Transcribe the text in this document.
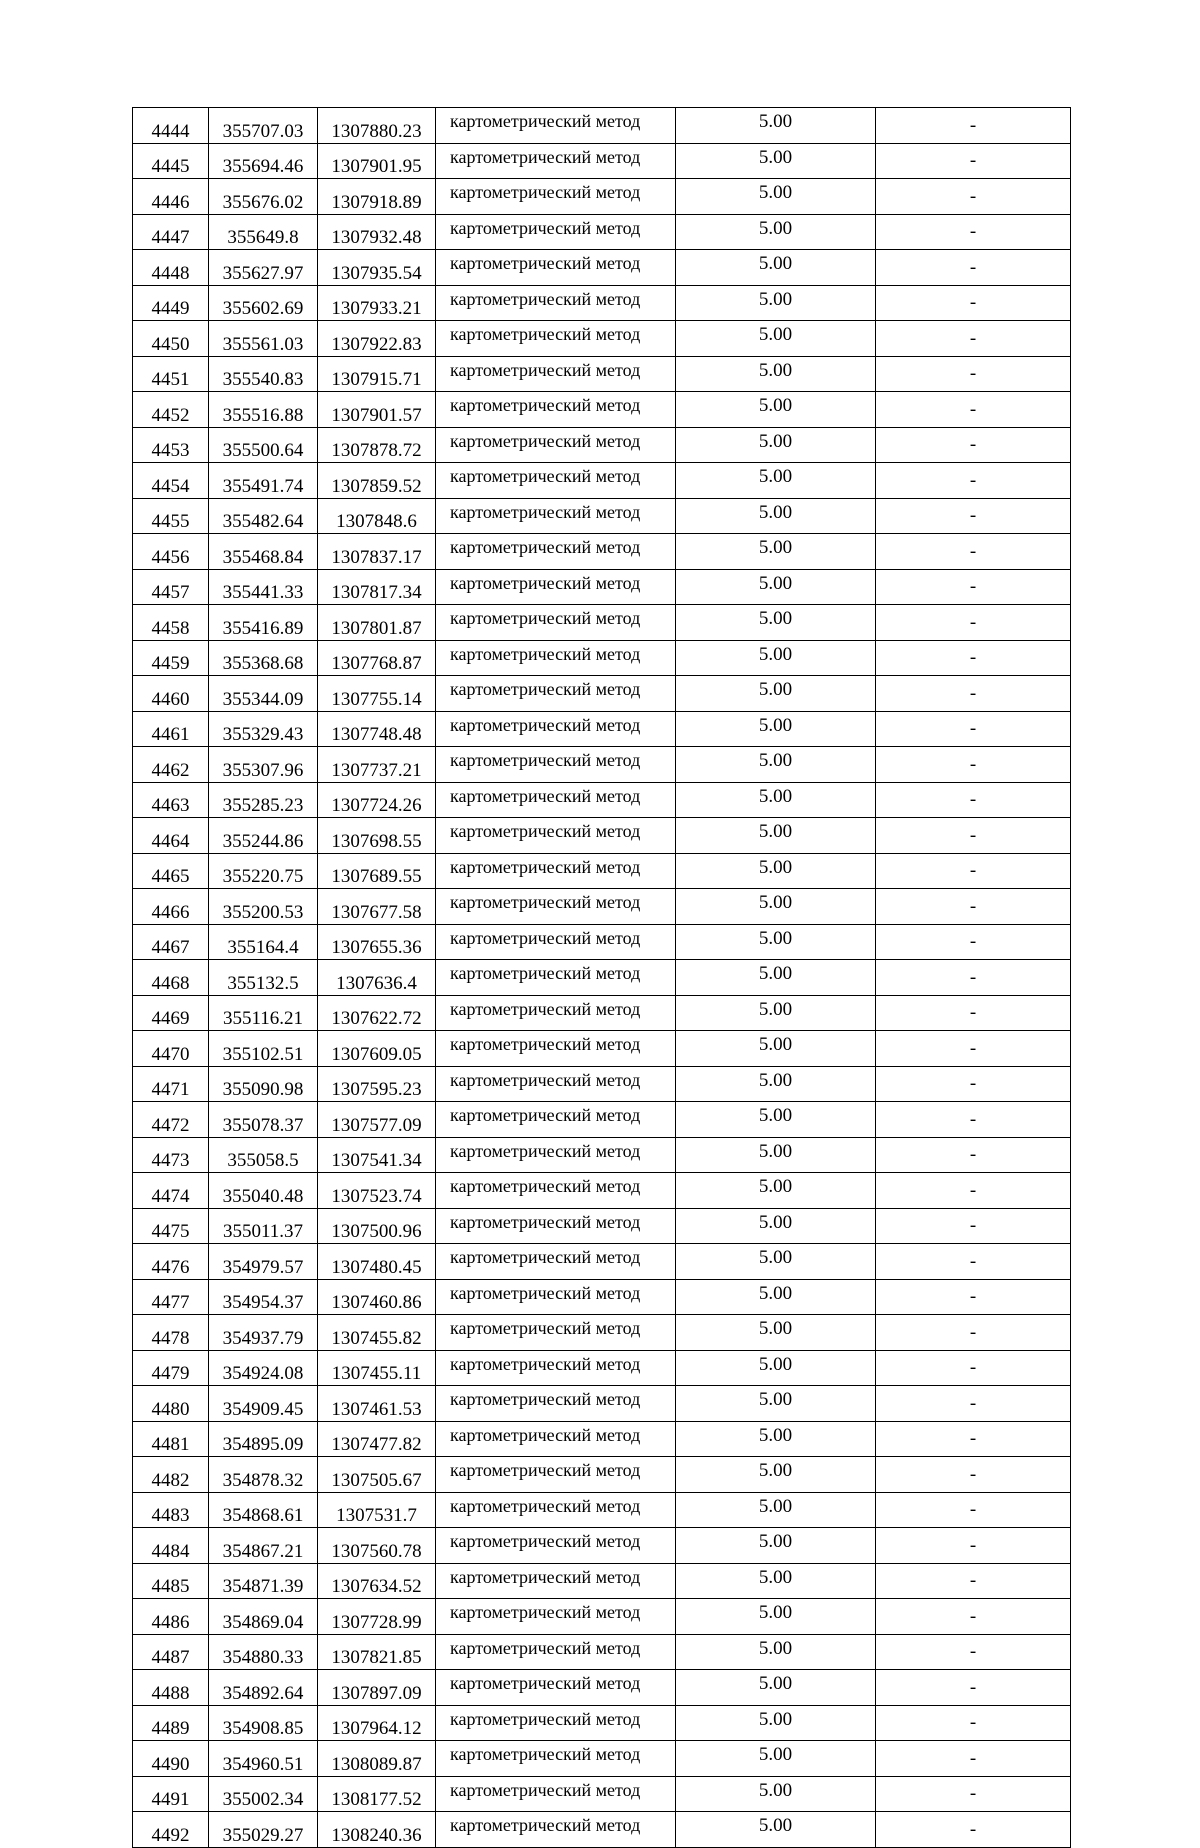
4444	355707.03	1307880.23	картометрический метод	5.00	-
4445	355694.46	1307901.95	картометрический метод	5.00	-
4446	355676.02	1307918.89	картометрический метод	5.00	-
4447	355649.8	1307932.48	картометрический метод	5.00	-
4448	355627.97	1307935.54	картометрический метод	5.00	-
4449	355602.69	1307933.21	картометрический метод	5.00	-
4450	355561.03	1307922.83	картометрический метод	5.00	-
4451	355540.83	1307915.71	картометрический метод	5.00	-
4452	355516.88	1307901.57	картометрический метод	5.00	-
4453	355500.64	1307878.72	картометрический метод	5.00	-
4454	355491.74	1307859.52	картометрический метод	5.00	-
4455	355482.64	1307848.6	картометрический метод	5.00	-
4456	355468.84	1307837.17	картометрический метод	5.00	-
4457	355441.33	1307817.34	картометрический метод	5.00	-
4458	355416.89	1307801.87	картометрический метод	5.00	-
4459	355368.68	1307768.87	картометрический метод	5.00	-
4460	355344.09	1307755.14	картометрический метод	5.00	-
4461	355329.43	1307748.48	картометрический метод	5.00	-
4462	355307.96	1307737.21	картометрический метод	5.00	-
4463	355285.23	1307724.26	картометрический метод	5.00	-
4464	355244.86	1307698.55	картометрический метод	5.00	-
4465	355220.75	1307689.55	картометрический метод	5.00	-
4466	355200.53	1307677.58	картометрический метод	5.00	-
4467	355164.4	1307655.36	картометрический метод	5.00	-
4468	355132.5	1307636.4	картометрический метод	5.00	-
4469	355116.21	1307622.72	картометрический метод	5.00	-
4470	355102.51	1307609.05	картометрический метод	5.00	-
4471	355090.98	1307595.23	картометрический метод	5.00	-
4472	355078.37	1307577.09	картометрический метод	5.00	-
4473	355058.5	1307541.34	картометрический метод	5.00	-
4474	355040.48	1307523.74	картометрический метод	5.00	-
4475	355011.37	1307500.96	картометрический метод	5.00	-
4476	354979.57	1307480.45	картометрический метод	5.00	-
4477	354954.37	1307460.86	картометрический метод	5.00	-
4478	354937.79	1307455.82	картометрический метод	5.00	-
4479	354924.08	1307455.11	картометрический метод	5.00	-
4480	354909.45	1307461.53	картометрический метод	5.00	-
4481	354895.09	1307477.82	картометрический метод	5.00	-
4482	354878.32	1307505.67	картометрический метод	5.00	-
4483	354868.61	1307531.7	картометрический метод	5.00	-
4484	354867.21	1307560.78	картометрический метод	5.00	-
4485	354871.39	1307634.52	картометрический метод	5.00	-
4486	354869.04	1307728.99	картометрический метод	5.00	-
4487	354880.33	1307821.85	картометрический метод	5.00	-
4488	354892.64	1307897.09	картометрический метод	5.00	-
4489	354908.85	1307964.12	картометрический метод	5.00	-
4490	354960.51	1308089.87	картометрический метод	5.00	-
4491	355002.34	1308177.52	картометрический метод	5.00	-
4492	355029.27	1308240.36	картометрический метод	5.00	-
